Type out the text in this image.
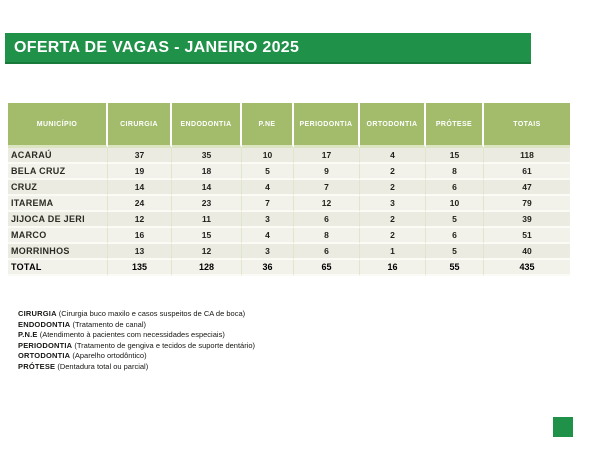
OFERTA DE VAGAS - JANEIRO 2025
MUNICÍPIO	CIRURGIA	ENDODONTIA	P.NE	PERIODONTIA	ORTODONTIA	PRÓTESE	TOTAIS
ACARAÚ	37	35	10	17	4	15	118
BELA CRUZ	19	18	5	9	2	8	61
CRUZ	14	14	4	7	2	6	47
ITAREMA	24	23	7	12	3	10	79
JIJOCA DE JERI	12	11	3	6	2	5	39
MARCO	16	15	4	8	2	6	51
MORRINHOS	13	12	3	6	1	5	40
TOTAL	135	128	36	65	16	55	435
CIRURGIA (Cirurgia buco maxilo e casos suspeitos de CA de boca)
ENDODONTIA (Tratamento de canal)
P.N.E (Atendimento à pacientes com necessidades especiais)
PERIODONTIA (Tratamento de gengiva e tecidos de suporte dentário)
ORTODONTIA (Aparelho ortodôntico)
PRÓTESE (Dentadura total ou parcial)
